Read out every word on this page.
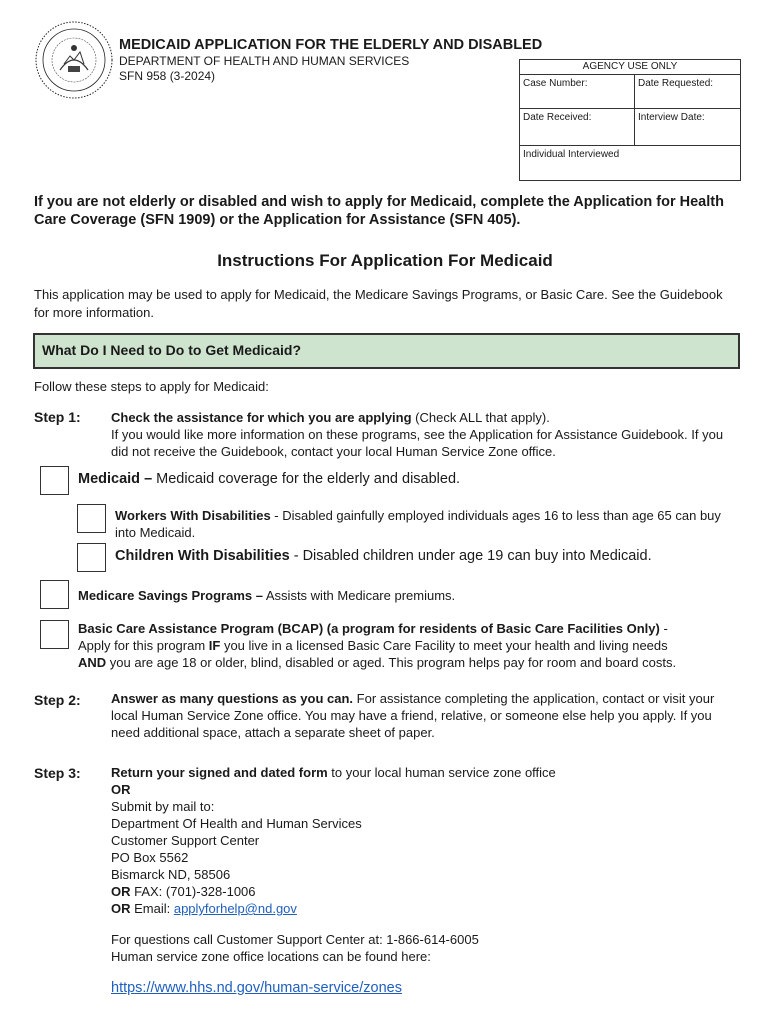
MEDICAID APPLICATION FOR THE ELDERLY AND DISABLED
DEPARTMENT OF HEALTH AND HUMAN SERVICES
SFN 958 (3-2024)
AGENCY USE ONLY	
Case Number:	Date Requested:
Date Received:	Interview Date:
Individual Interviewed	
If you are not elderly or disabled and wish to apply for Medicaid, complete the Application for Health Care Coverage (SFN 1909) or the Application for Assistance (SFN 405).
Instructions For Application For Medicaid
This application may be used to apply for Medicaid, the Medicare Savings Programs, or Basic Care. See the Guidebook for more information.
What Do I Need to Do to Get Medicaid?
Follow these steps to apply for Medicaid:
Step 1: Check the assistance for which you are applying (Check ALL that apply).
If you would like more information on these programs, see the Application for Assistance Guidebook. If you did not receive the Guidebook, contact your local Human Service Zone office.
Medicaid – Medicaid coverage for the elderly and disabled.
Workers With Disabilities - Disabled gainfully employed individuals ages 16 to less than age 65 can buy into Medicaid.
Children With Disabilities - Disabled children under age 19 can buy into Medicaid.
Medicare Savings Programs – Assists with Medicare premiums.
Basic Care Assistance Program (BCAP) (a program for residents of Basic Care Facilities Only) -
Apply for this program IF you live in a licensed Basic Care Facility to meet your health and living needs
AND you are age 18 or older, blind, disabled or aged. This program helps pay for room and board costs.
Step 2: Answer as many questions as you can. For assistance completing the application, contact or visit your local Human Service Zone office. You may have a friend, relative, or someone else help you apply. If you need additional space, attach a separate sheet of paper.
Step 3: Return your signed and dated form to your local human service zone office
OR
Submit by mail to:
Department Of Health and Human Services
Customer Support Center
PO Box 5562
Bismarck ND, 58506
OR FAX: (701)-328-1006
OR Email: applyforhelp@nd.gov
For questions call Customer Support Center at: 1-866-614-6005
Human service zone office locations can be found here:
https://www.hhs.nd.gov/human-service/zones
